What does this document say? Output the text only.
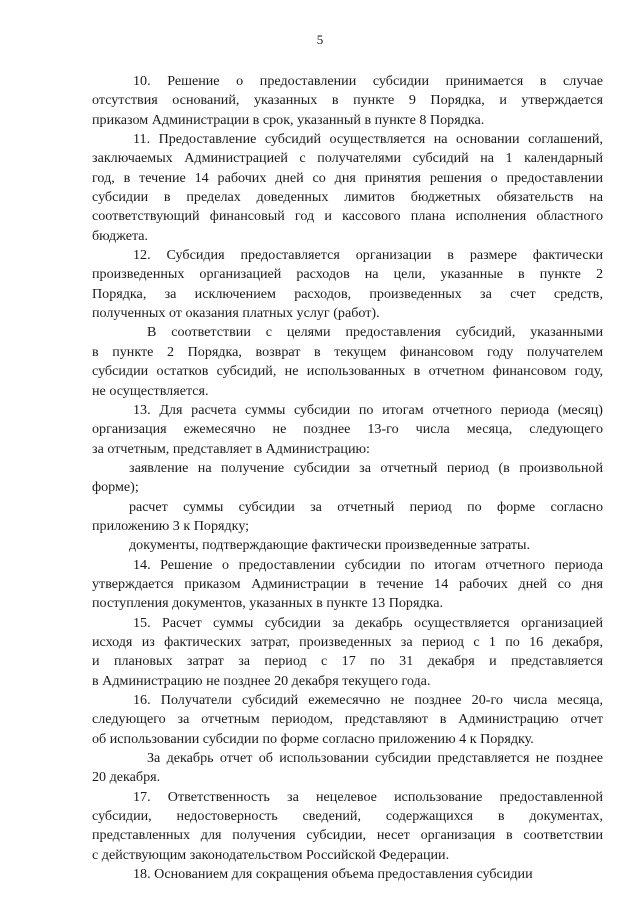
5
10. Решение о предоставлении субсидии принимается в случае
отсутствия оснований, указанных в пункте 9 Порядка, и утверждается
приказом Администрации в срок, указанный в пункте 8 Порядка.
11. Предоставление субсидий осуществляется на основании соглашений,
заключаемых Администрацией с получателями субсидий на 1 календарный
год, в течение 14 рабочих дней со дня принятия решения о предоставлении
субсидии в пределах доведенных лимитов бюджетных обязательств на
соответствующий финансовый год и кассового плана исполнения областного
бюджета.
12. Субсидия предоставляется организации в размере фактически
произведенных организацией расходов на цели, указанные в пункте 2
Порядка, за исключением расходов, произведенных за счет средств,
полученных от оказания платных услуг (работ).
В соответствии с целями предоставления субсидий, указанными
в пункте 2 Порядка, возврат в текущем финансовом году получателем
субсидии остатков субсидий, не использованных в отчетном финансовом году,
не осуществляется.
13. Для расчета суммы субсидии по итогам отчетного периода (месяц)
организация ежемесячно не позднее 13-го числа месяца, следующего
за отчетным, представляет в Администрацию:
заявление на получение субсидии за отчетный период (в произвольной
форме);
расчет суммы субсидии за отчетный период по форме согласно
приложению 3 к Порядку;
документы, подтверждающие фактически произведенные затраты.
14. Решение о предоставлении субсидии по итогам отчетного периода
утверждается приказом Администрации в течение 14 рабочих дней со дня
поступления документов, указанных в пункте 13 Порядка.
15. Расчет суммы субсидии за декабрь осуществляется организацией
исходя из фактических затрат, произведенных за период с 1 по 16 декабря,
и плановых затрат за период с 17 по 31 декабря и представляется
в Администрацию не позднее 20 декабря текущего года.
16. Получатели субсидий ежемесячно не позднее 20-го числа месяца,
следующего за отчетным периодом, представляют в Администрацию отчет
об использовании субсидии по форме согласно приложению 4 к Порядку.
За декабрь отчет об использовании субсидии представляется не позднее
20 декабря.
17. Ответственность за нецелевое использование предоставленной
субсидии, недостоверность сведений, содержащихся в документах,
представленных для получения субсидии, несет организация в соответствии
с действующим законодательством Российской Федерации.
18. Основанием для сокращения объема предоставления субсидии
